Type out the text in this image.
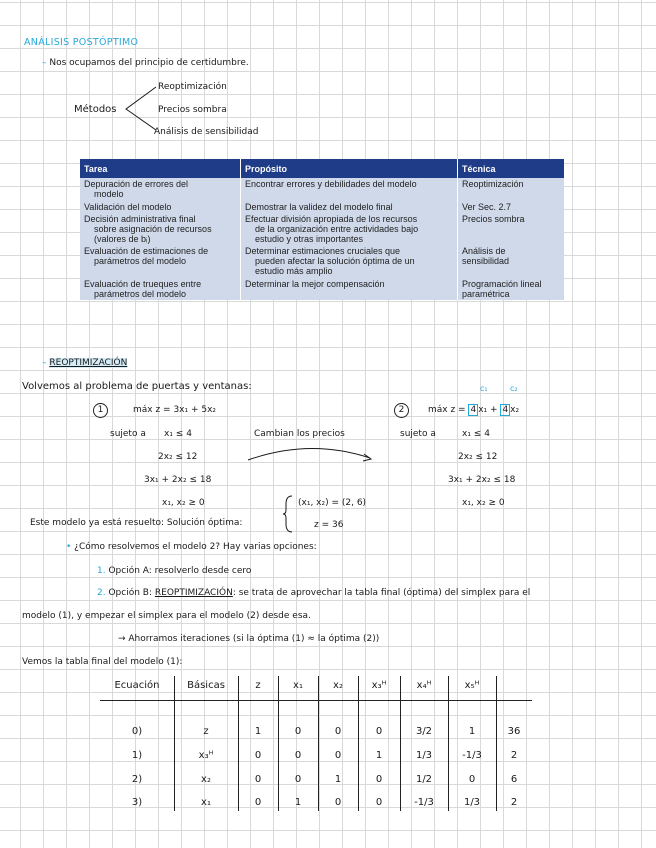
ANÁLISIS POSTÓPTIMO
– Nos ocupamos del principio de certidumbre.
Métodos
Reoptimización
Precios sombra
Análisis de sensibilidad
Tarea	Propósito	Técnica

Depuración de errores del
modelo	Encontrar errores y debilidades del modelo	Reoptimización

Validación del modelo	Demostrar la validez del modelo final	Ver Sec. 2.7

Decisión administrativa final
sobre asignación de recursos
(valores de bᵢ)	Efectuar división apropiada de los recursos
de la organización entre actividades bajo
estudio y otras importantes	Precios sombra

Evaluación de estimaciones de
parámetros del modelo	Determinar estimaciones cruciales que
pueden afectar la solución óptima de un
estudio más amplio	Análisis de
sensibilidad

Evaluación de trueques entre
parámetros del modelo	Determinar la mejor compensación	Programación lineal
paramétrica
– REOPTIMIZACIÓN
Volvemos al problema de puertas y ventanas:
1	máx z = 3x₁ + 5x₂
sujeto a x₁ ≤ 4
2x₂ ≤ 12
3x₁ + 2x₂ ≤ 18
x₁, x₂ ≥ 0
Cambian los precios
c₁	c₂
2	máx z = 4 x₁ + 4 x₂
sujeto a	x₁ ≤ 4
2x₂ ≤ 12
3x₁ + 2x₂ ≤ 18
x₁, x₂ ≥ 0
Este modelo ya está resuelto: Solución óptima:
(x₁, x₂) = (2, 6)
z = 36
• ¿Cómo resolvemos el modelo 2? Hay varias opciones:
1. Opción A: resolverlo desde cero
2. Opción B: REOPTIMIZACIÓN: se trata de aprovechar la tabla final (óptima) del simplex para el
modelo (1), y empezar el simplex para el modelo (2) desde esa.
→ Ahorramos iteraciones (si la óptima (1) ≈ la óptima (2))
Vemos la tabla final del modelo (1):
Ecuación	Básicas	z	x₁	x₂	x₃ᴴ	x₄ᴴ	x₅ᴴ
0)	z	1	0	0	0	3/2	1	36
1)	x₃ᴴ	0	0	0	1	1/3	-1/3	2
2)	x₂	0	0	1	0	1/2	0	6
3)	x₁	0	1	0	0	-1/3	1/3	2
